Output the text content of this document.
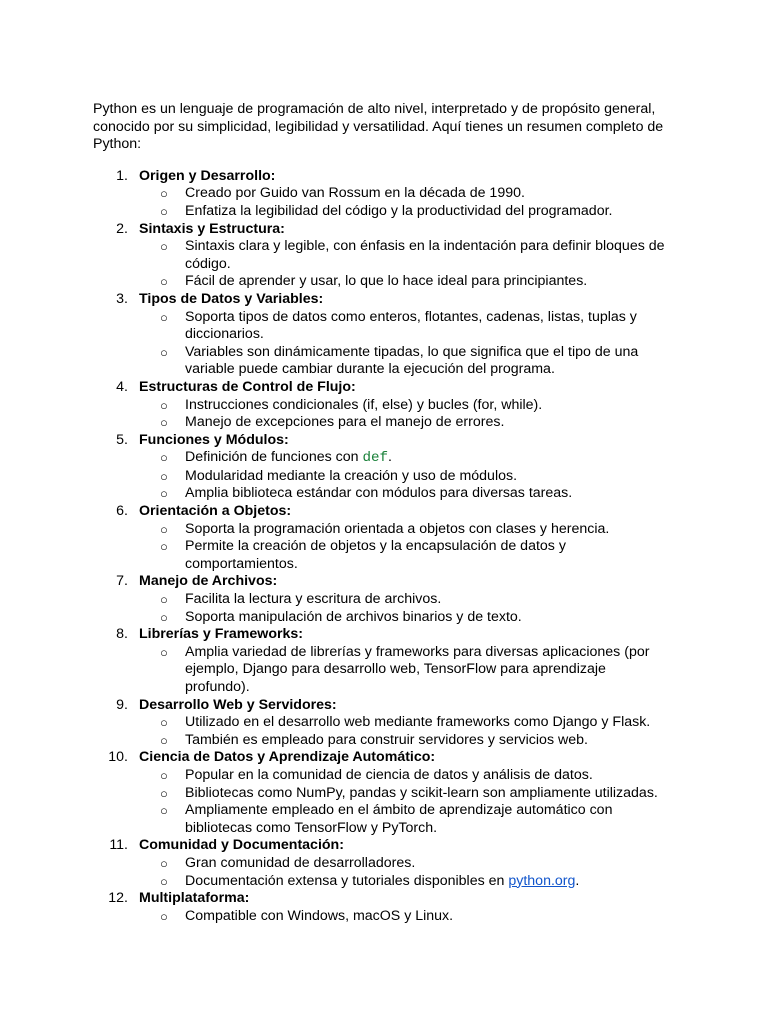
Python es un lenguaje de programación de alto nivel, interpretado y de propósito general, conocido por su simplicidad, legibilidad y versatilidad. Aquí tienes un resumen completo de Python:

1. Origen y Desarrollo:
○ Creado por Guido van Rossum en la década de 1990.
○ Enfatiza la legibilidad del código y la productividad del programador.
2. Sintaxis y Estructura:
○ Sintaxis clara y legible, con énfasis en la indentación para definir bloques de código.
○ Fácil de aprender y usar, lo que lo hace ideal para principiantes.
3. Tipos de Datos y Variables:
○ Soporta tipos de datos como enteros, flotantes, cadenas, listas, tuplas y diccionarios.
○ Variables son dinámicamente tipadas, lo que significa que el tipo de una variable puede cambiar durante la ejecución del programa.
4. Estructuras de Control de Flujo:
○ Instrucciones condicionales (if, else) y bucles (for, while).
○ Manejo de excepciones para el manejo de errores.
5. Funciones y Módulos:
○ Definición de funciones con def.
○ Modularidad mediante la creación y uso de módulos.
○ Amplia biblioteca estándar con módulos para diversas tareas.
6. Orientación a Objetos:
○ Soporta la programación orientada a objetos con clases y herencia.
○ Permite la creación de objetos y la encapsulación de datos y comportamientos.
7. Manejo de Archivos:
○ Facilita la lectura y escritura de archivos.
○ Soporta manipulación de archivos binarios y de texto.
8. Librerías y Frameworks:
○ Amplia variedad de librerías y frameworks para diversas aplicaciones (por ejemplo, Django para desarrollo web, TensorFlow para aprendizaje profundo).
9. Desarrollo Web y Servidores:
○ Utilizado en el desarrollo web mediante frameworks como Django y Flask.
○ También es empleado para construir servidores y servicios web.
10. Ciencia de Datos y Aprendizaje Automático:
○ Popular en la comunidad de ciencia de datos y análisis de datos.
○ Bibliotecas como NumPy, pandas y scikit-learn son ampliamente utilizadas.
○ Ampliamente empleado en el ámbito de aprendizaje automático con bibliotecas como TensorFlow y PyTorch.
11. Comunidad y Documentación:
○ Gran comunidad de desarrolladores.
○ Documentación extensa y tutoriales disponibles en python.org.
12. Multiplataforma:
○ Compatible con Windows, macOS y Linux.
